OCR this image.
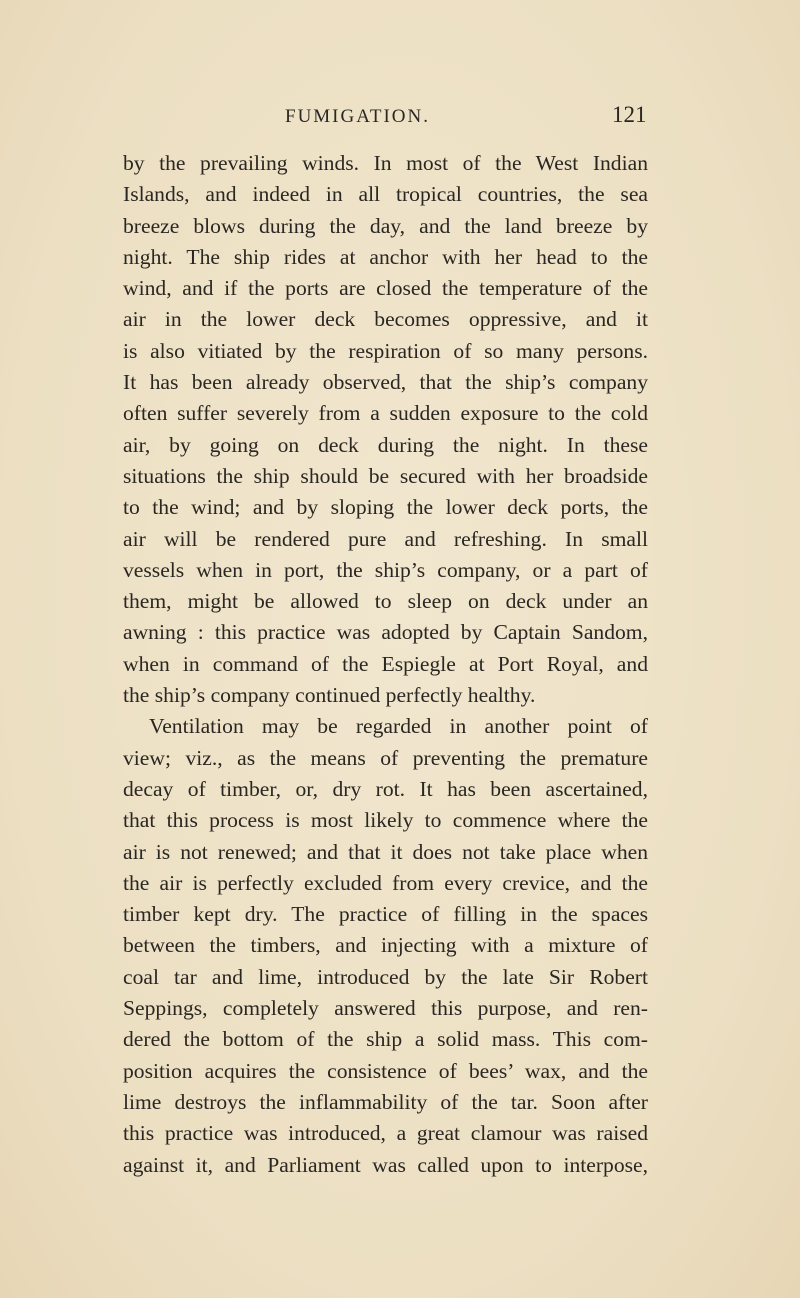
FUMIGATION.	121
by the prevailing winds. In most of the West Indian
Islands, and indeed in all tropical countries, the sea
breeze blows during the day, and the land breeze by
night. The ship rides at anchor with her head to the
wind, and if the ports are closed the temperature of the
air in the lower deck becomes oppressive, and it
is also vitiated by the respiration of so many persons.
It has been already observed, that the ship’s company
often suffer severely from a sudden exposure to the cold
air, by going on deck during the night. In these
situations the ship should be secured with her broadside
to the wind; and by sloping the lower deck ports, the
air will be rendered pure and refreshing. In small
vessels when in port, the ship’s company, or a part of
them, might be allowed to sleep on deck under an
awning : this practice was adopted by Captain Sandom,
when in command of the Espiegle at Port Royal, and
the ship’s company continued perfectly healthy.
Ventilation may be regarded in another point of
view; viz., as the means of preventing the premature
decay of timber, or, dry rot. It has been ascertained,
that this process is most likely to commence where the
air is not renewed; and that it does not take place when
the air is perfectly excluded from every crevice, and the
timber kept dry. The practice of filling in the spaces
between the timbers, and injecting with a mixture of
coal tar and lime, introduced by the late Sir Robert
Seppings, completely answered this purpose, and ren-
dered the bottom of the ship a solid mass. This com-
position acquires the consistence of bees’ wax, and the
lime destroys the inflammability of the tar. Soon after
this practice was introduced, a great clamour was raised
against it, and Parliament was called upon to interpose,
